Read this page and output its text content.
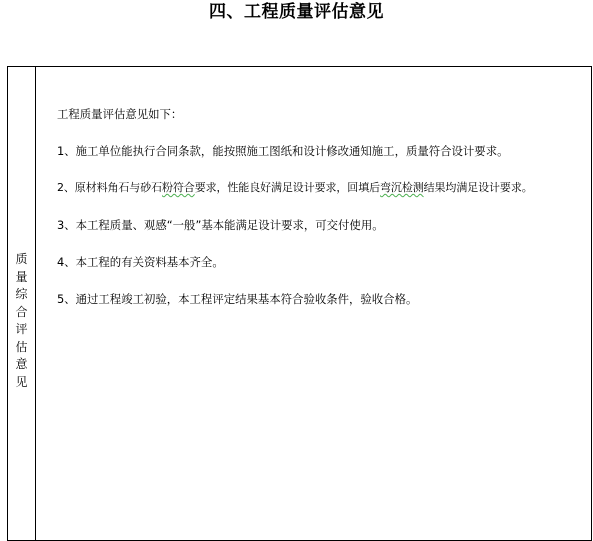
四、工程质量评估意见
质
量
综
合
评
估
意
见
工程质量评估意见如下：
1、施工单位能执行合同条款，能按照施工图纸和设计修改通知施工，质量符合设计要求。
2、原材料角石与砂石粉符合要求，性能良好满足设计要求，回填后弯沉检测结果均满足设计要求。
3、本工程质量、观感“一般”基本能满足设计要求，可交付使用。
4、本工程的有关资料基本齐全。
5、通过工程竣工初验，本工程评定结果基本符合验收条件，验收合格。
